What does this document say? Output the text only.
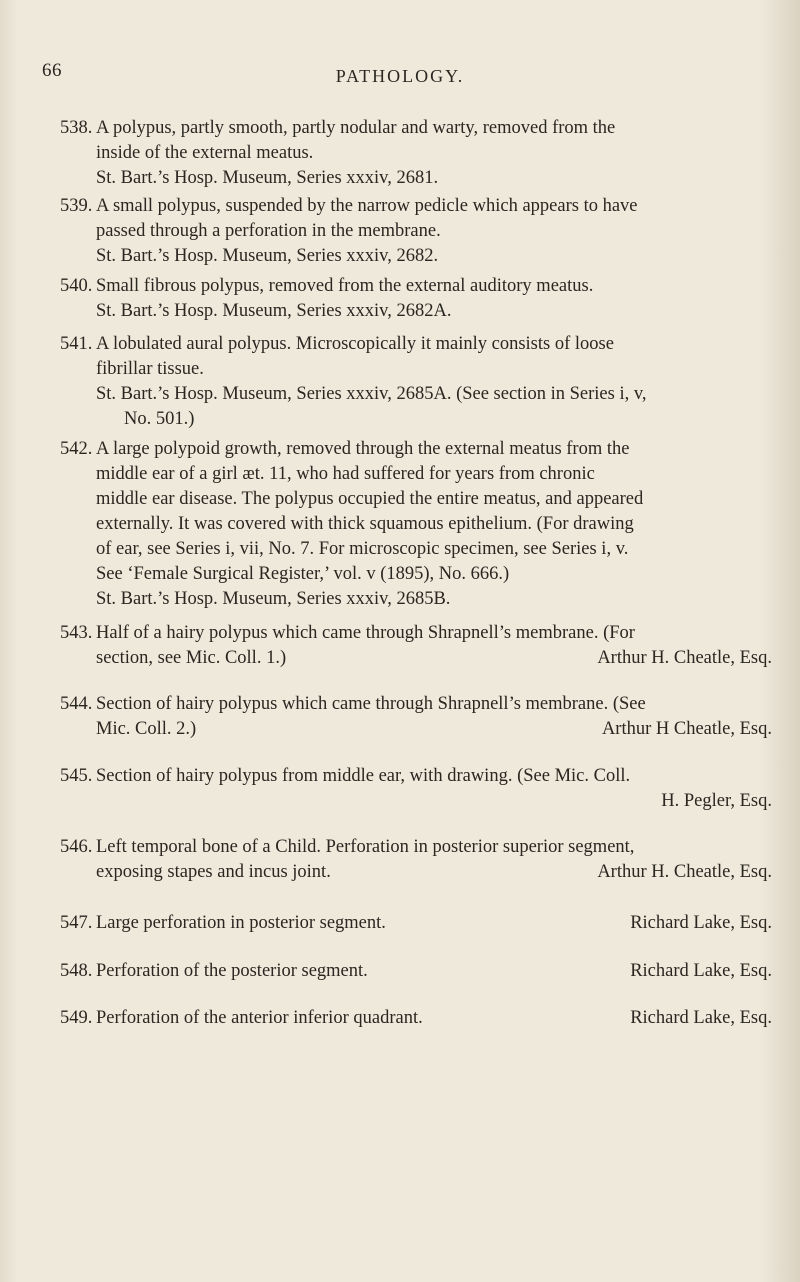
66	PATHOLOGY.
538. A polypus, partly smooth, partly nodular and warty, removed from the

inside of the external meatus.

St. Bart.’s Hosp. Museum, Series xxxiv, 2681.

539. A small polypus, suspended by the narrow pedicle which appears to have

passed through a perforation in the membrane.

St. Bart.’s Hosp. Museum, Series xxxiv, 2682.

540. Small fibrous polypus, removed from the external auditory meatus.

St. Bart.’s Hosp. Museum, Series xxxiv, 2682A.

541. A lobulated aural polypus. Microscopically it mainly consists of loose

fibrillar tissue.

St. Bart.’s Hosp. Museum, Series xxxiv, 2685A. (See section in Series i, v,

No. 501.)

542. A large polypoid growth, removed through the external meatus from the

middle ear of a girl æt. 11, who had suffered for years from chronic

middle ear disease. The polypus occupied the entire meatus, and appeared

externally. It was covered with thick squamous epithelium. (For drawing

of ear, see Series i, vii, No. 7. For microscopic specimen, see Series i, v.

See ‘Female Surgical Register,’ vol. v (1895), No. 666.)

St. Bart.’s Hosp. Museum, Series xxxiv, 2685B.

543. Half of a hairy polypus which came through Shrapnell’s membrane. (For

section, see Mic. Coll. 1.)	Arthur H. Cheatle, Esq.
544. Section of hairy polypus which came through Shrapnell’s membrane. (See

Mic. Coll. 2.)	Arthur H Cheatle, Esq.
545. Section of hairy polypus from middle ear, with drawing. (See Mic. Coll.

H. Pegler, Esq.
546. Left temporal bone of a Child. Perforation in posterior superior segment,

exposing stapes and incus joint.	Arthur H. Cheatle, Esq.
547. Large perforation in posterior segment.	Richard Lake, Esq.
548. Perforation of the posterior segment.	Richard Lake, Esq.
549. Perforation of the anterior inferior quadrant.	Richard Lake, Esq.
